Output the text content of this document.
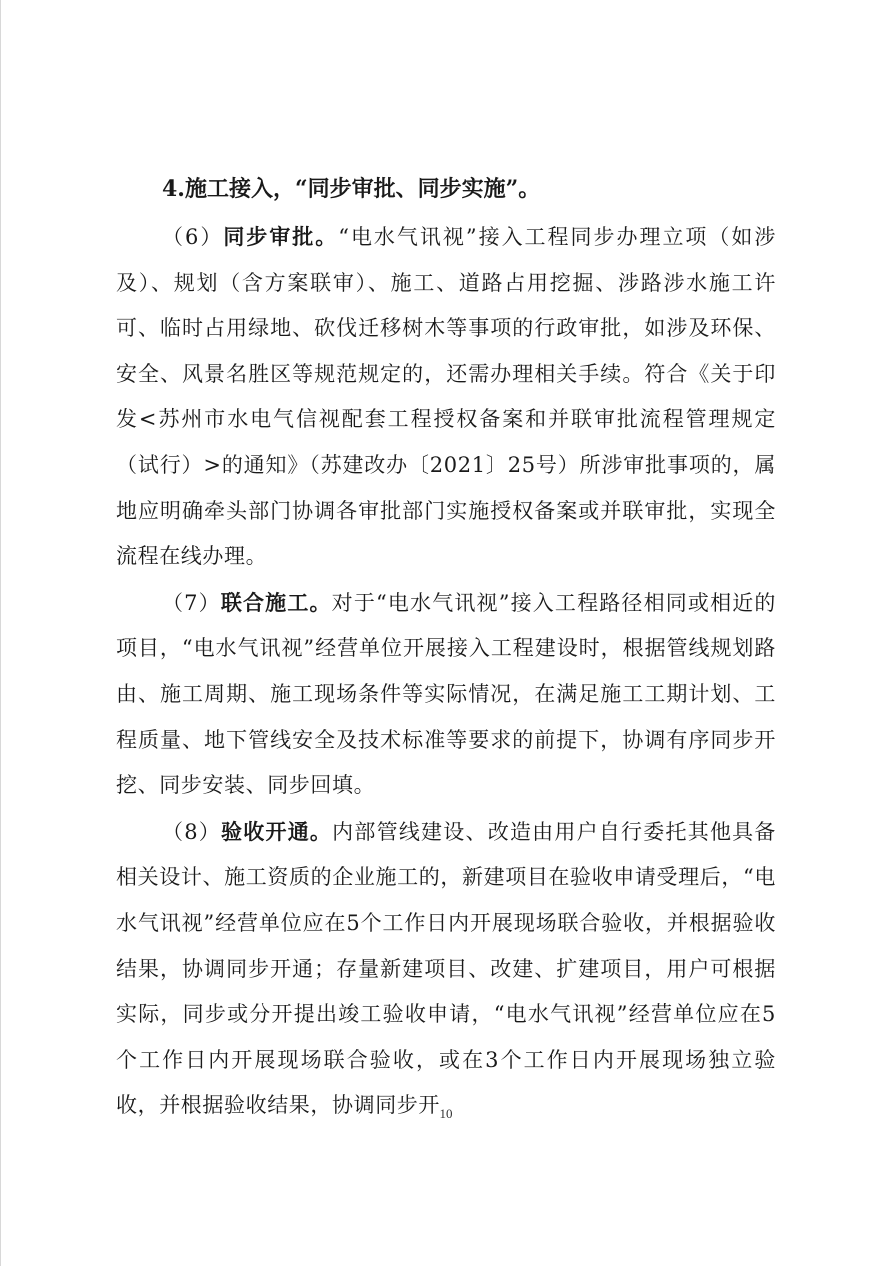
4.施工接入，“同步审批、同步实施”。

（6）同步审批。“电水气讯视”接入工程同步办理立项（如涉及）、规划（含方案联审）、施工、道路占用挖掘、涉路涉水施工许可、临时占用绿地、砍伐迁移树木等事项的行政审批，如涉及环保、安全、风景名胜区等规范规定的，还需办理相关手续。符合《关于印发<苏州市水电气信视配套工程授权备案和并联审批流程管理规定（试行）>的通知》（苏建改办〔2021〕25号）所涉审批事项的，属地应明确牵头部门协调各审批部门实施授权备案或并联审批，实现全流程在线办理。

（7）联合施工。对于“电水气讯视”接入工程路径相同或相近的项目，“电水气讯视”经营单位开展接入工程建设时，根据管线规划路由、施工周期、施工现场条件等实际情况，在满足施工工期计划、工程质量、地下管线安全及技术标准等要求的前提下，协调有序同步开挖、同步安装、同步回填。

（8）验收开通。内部管线建设、改造由用户自行委托其他具备相关设计、施工资质的企业施工的，新建项目在验收申请受理后，“电水气讯视”经营单位应在5个工作日内开展现场联合验收，并根据验收结果，协调同步开通；存量新建项目、改建、扩建项目，用户可根据实际，同步或分开提出竣工验收申请，“电水气讯视”经营单位应在5个工作日内开展现场联合验收，或在3个工作日内开展现场独立验收，并根据验收结果，协调同步开 10
